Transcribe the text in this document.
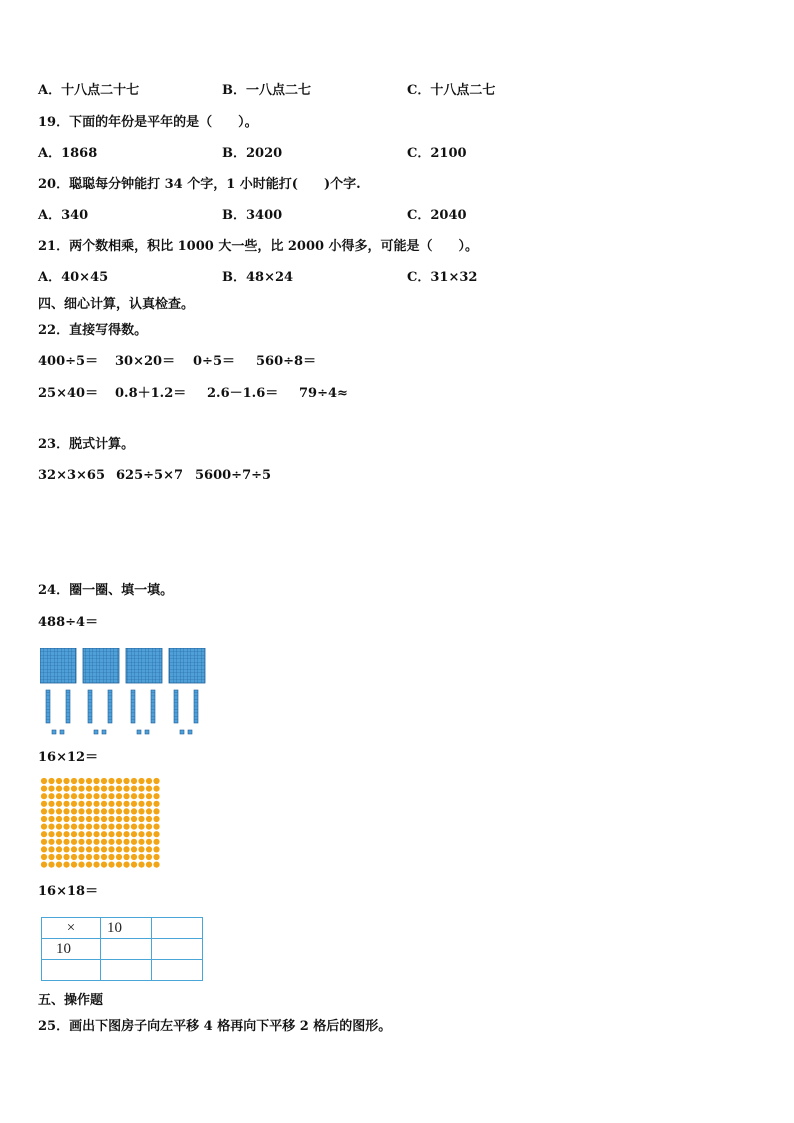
A．十八点二十七	B．一八点二七	C．十八点二七
19．下面的年份是平年的是（　　）。
A．1868	B．2020	C．2100
20．聪聪每分钟能打 34 个字，1 小时能打(　　)个字.
A．340	B．3400	C．2040
21．两个数相乘，积比 1000 大一些，比 2000 小得多，可能是（　　）。
A．40×45	B．48×24	C．31×32
四、细心计算，认真检查。
22．直接写得数。
400÷5＝ 30×20＝ 0÷5＝ 560÷8＝
25×40＝ 0.8＋1.2＝ 2.6－1.6＝ 79÷4≈
23．脱式计算。
32×3×65 625÷5×7 5600÷7÷5
24．圈一圈、填一填。
488÷4＝
16×12＝
16×18＝
×	10	
10		

五、操作题
25．画出下图房子向左平移 4 格再向下平移 2 格后的图形。
